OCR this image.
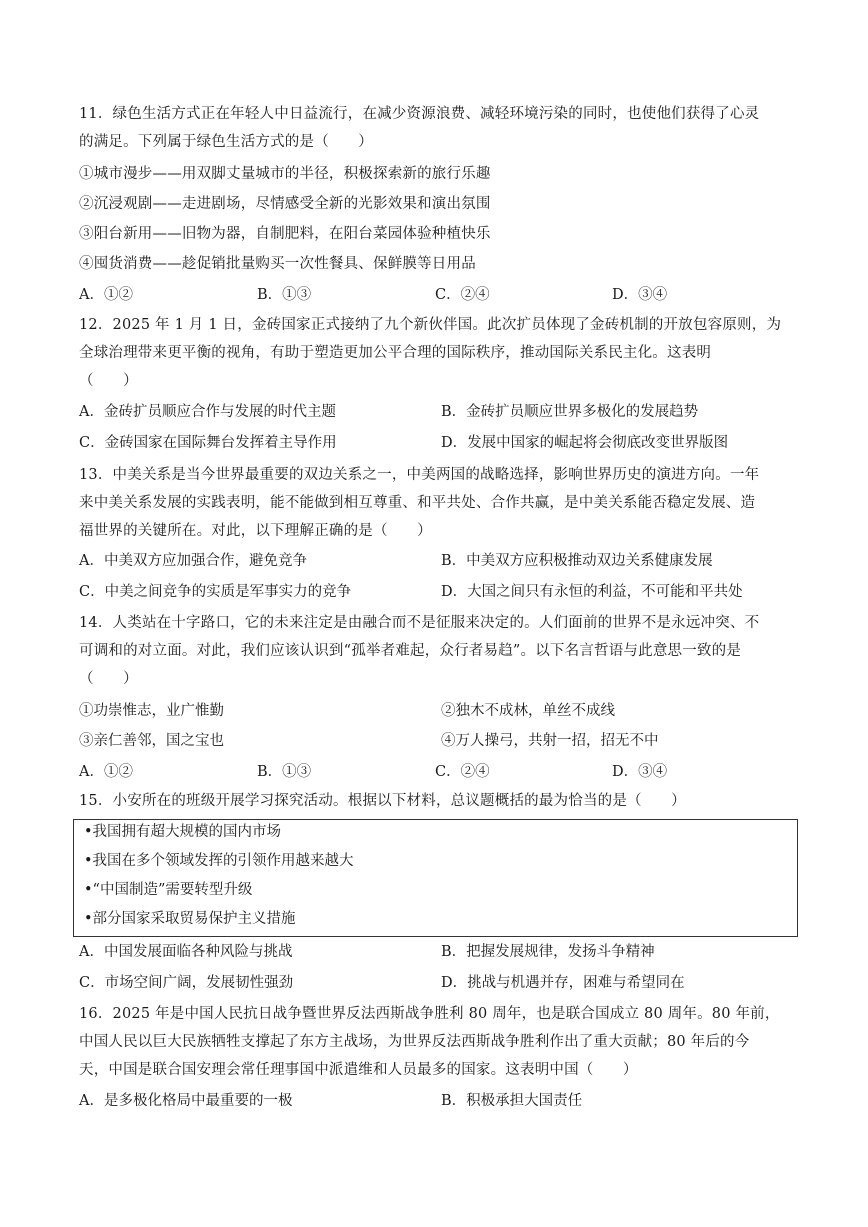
11．绿色生活方式正在年轻人中日益流行，在减少资源浪费、减轻环境污染的同时，也使他们获得了心灵
的满足。下列属于绿色生活方式的是（　　）
①城市漫步——用双脚丈量城市的半径，积极探索新的旅行乐趣
②沉浸观剧——走进剧场，尽情感受全新的光影效果和演出氛围
③阳台新用——旧物为器，自制肥料，在阳台菜园体验种植快乐
④囤货消费——趁促销批量购买一次性餐具、保鲜膜等日用品
A．①②	B．①③	C．②④	D．③④
12．2025 年 1 月 1 日，金砖国家正式接纳了九个新伙伴国。此次扩员体现了金砖机制的开放包容原则，为
全球治理带来更平衡的视角，有助于塑造更加公平合理的国际秩序，推动国际关系民主化。这表明
（　　）
A．金砖扩员顺应合作与发展的时代主题	B．金砖扩员顺应世界多极化的发展趋势
C．金砖国家在国际舞台发挥着主导作用	D．发展中国家的崛起将会彻底改变世界版图
13．中美关系是当今世界最重要的双边关系之一，中美两国的战略选择，影响世界历史的演进方向。一年
来中美关系发展的实践表明，能不能做到相互尊重、和平共处、合作共赢，是中美关系能否稳定发展、造
福世界的关键所在。对此，以下理解正确的是（　　）
A．中美双方应加强合作，避免竞争	B．中美双方应积极推动双边关系健康发展
C．中美之间竞争的实质是军事实力的竞争	D．大国之间只有永恒的利益，不可能和平共处
14．人类站在十字路口，它的未来注定是由融合而不是征服来决定的。人们面前的世界不是永远冲突、不
可调和的对立面。对此，我们应该认识到“孤举者难起，众行者易趋”。以下名言哲语与此意思一致的是
（　　）
①功崇惟志，业广惟勤	②独木不成林，单丝不成线
③亲仁善邻，国之宝也	④万人操弓，共射一招，招无不中
A．①②	B．①③	C．②④	D．③④
15．小安所在的班级开展学习探究活动。根据以下材料，总议题概括的最为恰当的是（　　）
•我国拥有超大规模的国内市场
•我国在多个领域发挥的引领作用越来越大
•“中国制造”需要转型升级
•部分国家采取贸易保护主义措施
A．中国发展面临各种风险与挑战	B．把握发展规律，发扬斗争精神
C．市场空间广阔，发展韧性强劲	D．挑战与机遇并存，困难与希望同在
16．2025 年是中国人民抗日战争暨世界反法西斯战争胜利 80 周年，也是联合国成立 80 周年。80 年前，
中国人民以巨大民族牺牲支撑起了东方主战场，为世界反法西斯战争胜利作出了重大贡献；80 年后的今
天，中国是联合国安理会常任理事国中派遣维和人员最多的国家。这表明中国（　　）
A．是多极化格局中最重要的一极	B．积极承担大国责任
